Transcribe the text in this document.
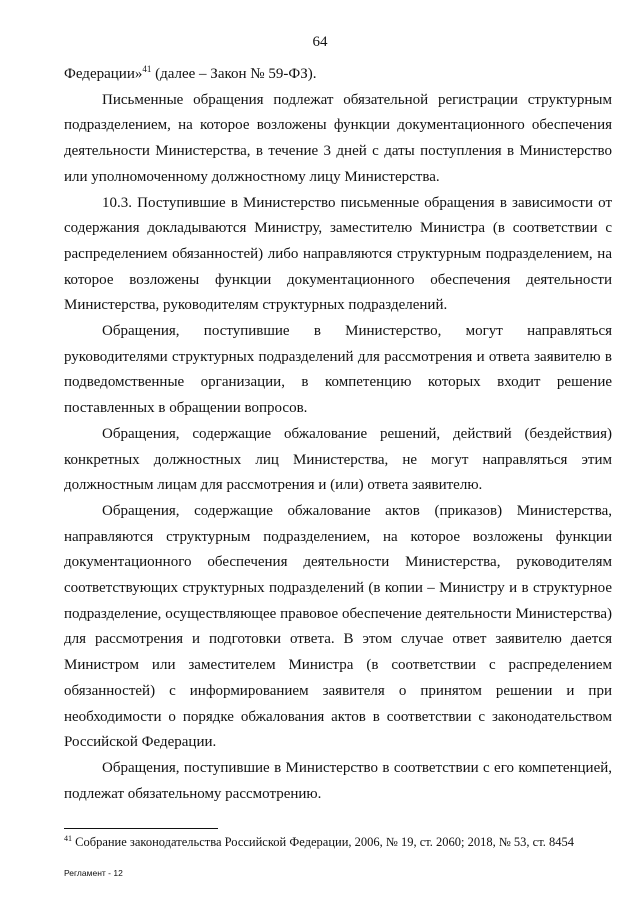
64

Федерации»$^{41}$ (далее – Закон № 59-ФЗ).

Письменные обращения подлежат обязательной регистрации структурным подразделением, на которое возложены функции документационного обеспечения деятельности Министерства, в течение 3 дней с даты поступления в Министерство или уполномоченному должностному лицу Министерства.

10.3. Поступившие в Министерство письменные обращения в зависимости от содержания докладываются Министру, заместителю Министра (в соответствии с распределением обязанностей) либо направляются структурным подразделением, на которое возложены функции документационного обеспечения деятельности Министерства, руководителям структурных подразделений.

Обращения, поступившие в Министерство, могут направляться руководителями структурных подразделений для рассмотрения и ответа заявителю в подведомственные организации, в компетенцию которых входит решение поставленных в обращении вопросов.

Обращения, содержащие обжалование решений, действий (бездействия) конкретных должностных лиц Министерства, не могут направляться этим должностным лицам для рассмотрения и (или) ответа заявителю.

Обращения, содержащие обжалование актов (приказов) Министерства, направляются структурным подразделением, на которое возложены функции документационного обеспечения деятельности Министерства, руководителям соответствующих структурных подразделений (в копии – Министру и в структурное подразделение, осуществляющее правовое обеспечение деятельности Министерства) для рассмотрения и подготовки ответа. В этом случае ответ заявителю дается Министром или заместителем Министра (в соответствии с распределением обязанностей) с информированием заявителя о принятом решении и при необходимости о порядке обжалования актов в соответствии с законодательством Российской Федерации.

Обращения, поступившие в Министерство в соответствии с его компетенцией, подлежат обязательному рассмотрению.

$^{41}$ Собрание законодательства Российской Федерации, 2006, № 19, ст. 2060; 2018, № 53, ст. 8454
Регламент - 12
